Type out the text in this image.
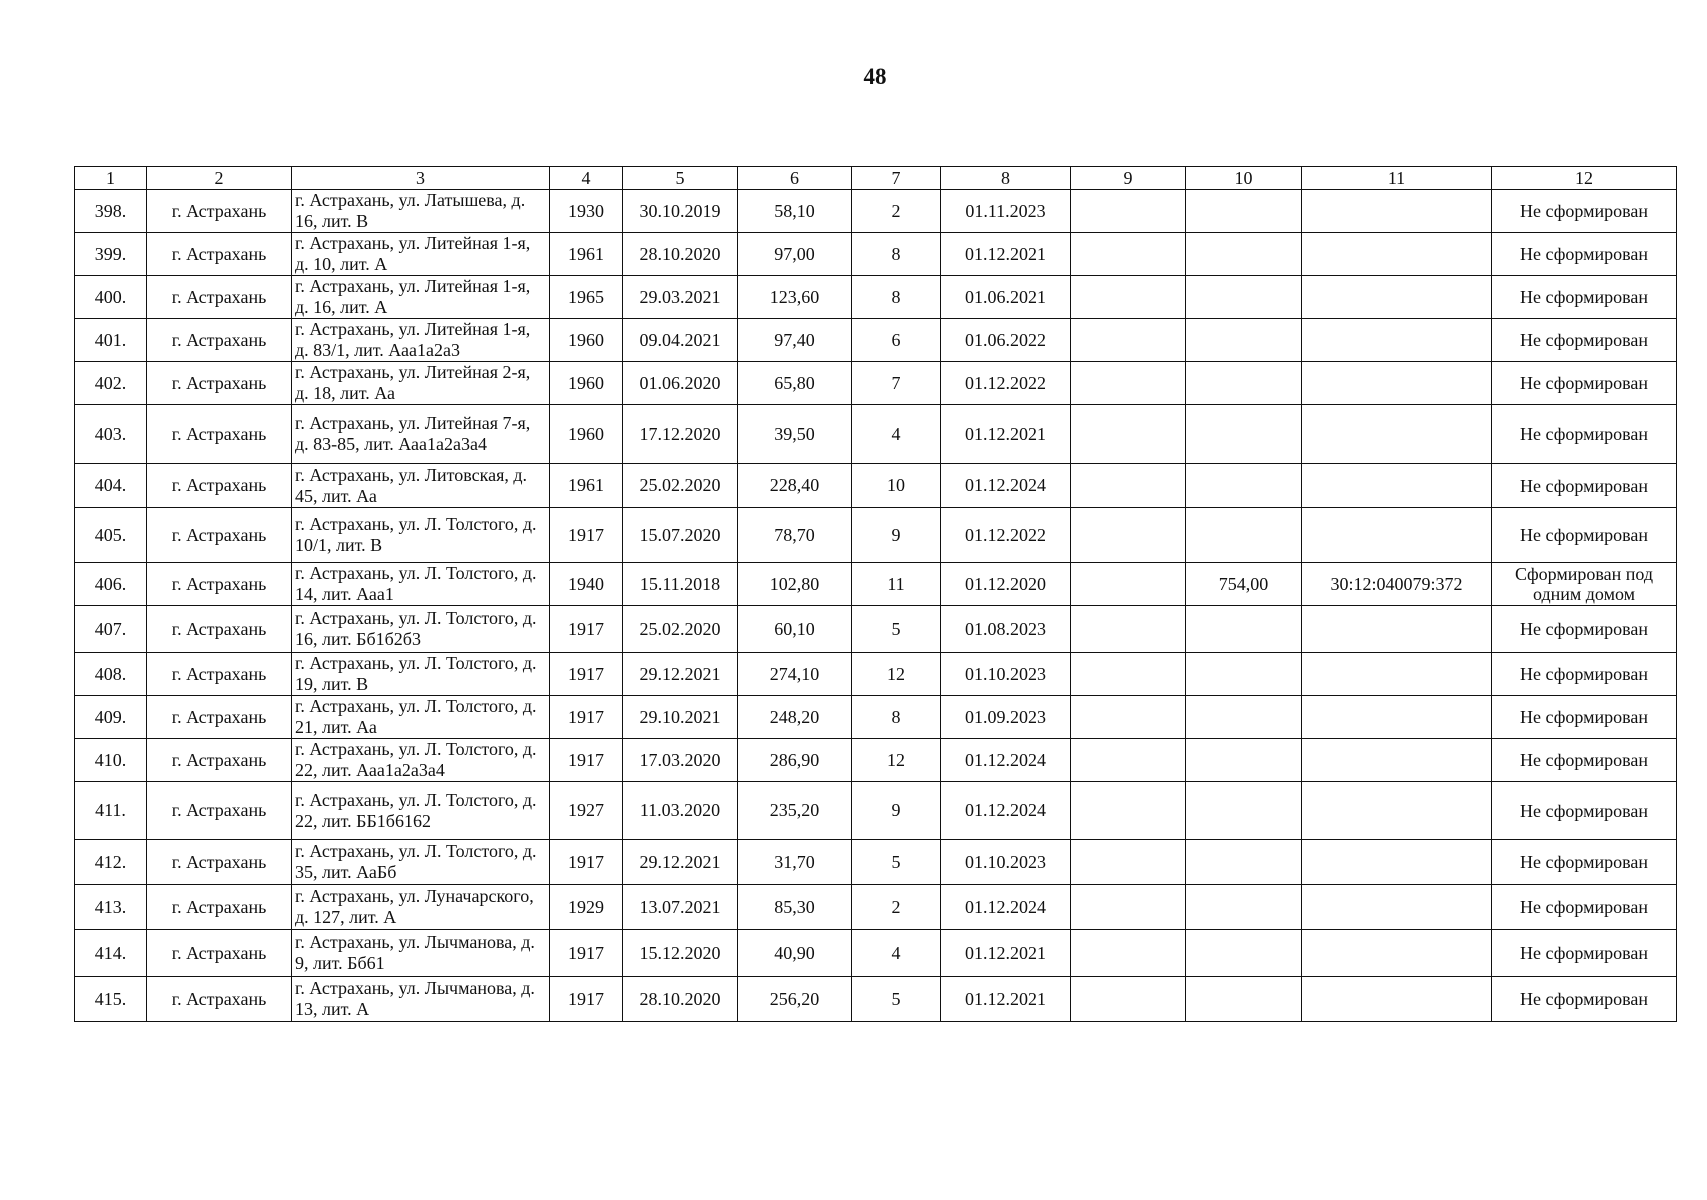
48
1	2	3	4	5	6	7	8	9	10	11	12
398.	г. Астрахань	г. Астрахань, ул. Латышева, д. 16, лит. В	1930	30.10.2019	58,10	2	01.11.2023				Не сформирован
399.	г. Астрахань	г. Астрахань, ул. Литейная 1-я, д. 10, лит. А	1961	28.10.2020	97,00	8	01.12.2021				Не сформирован
400.	г. Астрахань	г. Астрахань, ул. Литейная 1-я, д. 16, лит. А	1965	29.03.2021	123,60	8	01.06.2021				Не сформирован
401.	г. Астрахань	г. Астрахань, ул. Литейная 1-я, д. 83/1, лит. Ааа1а2а3	1960	09.04.2021	97,40	6	01.06.2022				Не сформирован
402.	г. Астрахань	г. Астрахань, ул. Литейная 2-я, д. 18, лит. Аа	1960	01.06.2020	65,80	7	01.12.2022				Не сформирован
403.	г. Астрахань	г. Астрахань, ул. Литейная 7-я, д. 83-85, лит. Ааа1а2а3а4	1960	17.12.2020	39,50	4	01.12.2021				Не сформирован
404.	г. Астрахань	г. Астрахань, ул. Литовская, д. 45, лит. Аа	1961	25.02.2020	228,40	10	01.12.2024				Не сформирован
405.	г. Астрахань	г. Астрахань, ул. Л. Толстого, д. 10/1, лит. В	1917	15.07.2020	78,70	9	01.12.2022				Не сформирован
406.	г. Астрахань	г. Астрахань, ул. Л. Толстого, д. 14, лит. Ааа1	1940	15.11.2018	102,80	11	01.12.2020		754,00	30:12:040079:372	Сформирован под одним домом
407.	г. Астрахань	г. Астрахань, ул. Л. Толстого, д. 16, лит. Бб1б2б3	1917	25.02.2020	60,10	5	01.08.2023				Не сформирован
408.	г. Астрахань	г. Астрахань, ул. Л. Толстого, д. 19, лит. В	1917	29.12.2021	274,10	12	01.10.2023				Не сформирован
409.	г. Астрахань	г. Астрахань, ул. Л. Толстого, д. 21, лит. Аа	1917	29.10.2021	248,20	8	01.09.2023				Не сформирован
410.	г. Астрахань	г. Астрахань, ул. Л. Толстого, д. 22, лит. Ааа1а2а3а4	1917	17.03.2020	286,90	12	01.12.2024				Не сформирован
411.	г. Астрахань	г. Астрахань, ул. Л. Толстого, д. 22, лит. ББ1б6162	1927	11.03.2020	235,20	9	01.12.2024				Не сформирован
412.	г. Астрахань	г. Астрахань, ул. Л. Толстого, д. 35, лит. АаБб	1917	29.12.2021	31,70	5	01.10.2023				Не сформирован
413.	г. Астрахань	г. Астрахань, ул. Луначарского, д. 127, лит. А	1929	13.07.2021	85,30	2	01.12.2024				Не сформирован
414.	г. Астрахань	г. Астрахань, ул. Лычманова, д. 9, лит. Бб61	1917	15.12.2020	40,90	4	01.12.2021				Не сформирован
415.	г. Астрахань	г. Астрахань, ул. Лычманова, д. 13, лит. А	1917	28.10.2020	256,20	5	01.12.2021				Не сформирован
